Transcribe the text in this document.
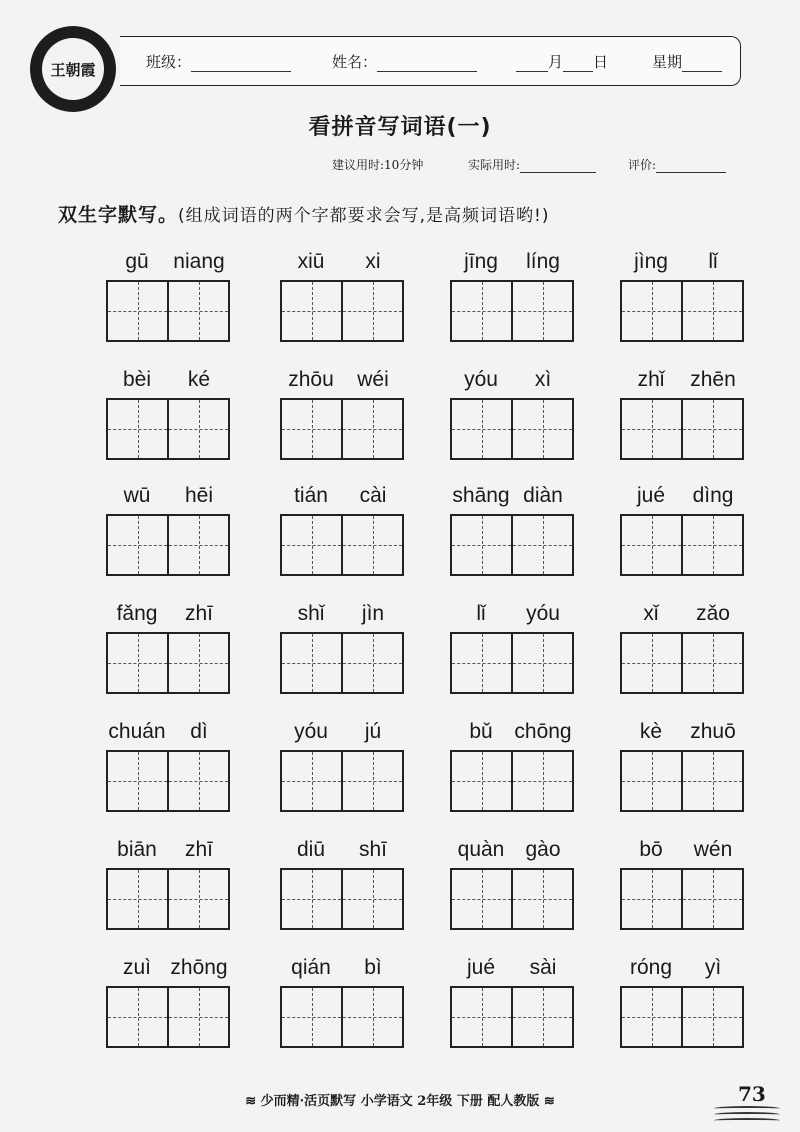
王朝霞	班级：	姓名：	月 日	星期
看拼音写词语(一)
建议用时:10分钟	实际用时:	评价:
双生字默写。(组成词语的两个字都要求会写,是高频词语哟!)
gū	niang	xiū	xi	jīng	líng	jìng	lǐ
bèi	ké	zhōu	wéi	yóu	xì	zhǐ	zhēn
wū	hēi	tián	cài	shāng diàn	jué	dìng
fǎng	zhī	shǐ	jìn	lǐ	yóu	xǐ	zǎo
chuán	dì	yóu	jú	bǔ	chōng	kè	zhuō
biān	zhī	diū	shī	quàn	gào	bō	wén
zuì zhōng	qián	bì	jué	sài	róng	yì
≋ 少而精·活页默写 小学语文 2年级 下册 配人教版 ≋	73
